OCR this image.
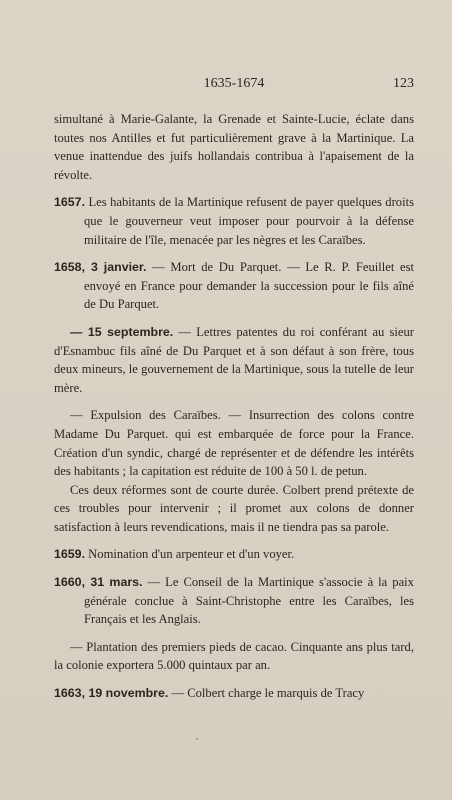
1635-1674	123

simultané à Marie-Galante, la Grenade et Sainte-Lucie, éclate dans toutes nos Antilles et fut particulièrement grave à la Martinique. La venue inattendue des juifs hollandais contribua à l'apaisement de la révolte.

1657. Les habitants de la Martinique refusent de payer quelques droits que le gouverneur veut imposer pour pourvoir à la défense militaire de l'île, menacée par les nègres et les Caraïbes.

1658, 3 janvier. — Mort de Du Parquet. — Le R. P. Feuillet est envoyé en France pour demander la succession pour le fils aîné de Du Parquet.

— 15 septembre. — Lettres patentes du roi conférant au sieur d'Esnambuc fils aîné de Du Parquet et à son défaut à son frère, tous deux mineurs, le gouvernement de la Martinique, sous la tutelle de leur mère.

— Expulsion des Caraïbes. — Insurrection des colons contre Madame Du Parquet. qui est embarquée de force pour la France. Création d'un syndic, chargé de représenter et de défendre les intérêts des habitants ; la capitation est réduite de 100 à 50 l. de petun.

Ces deux réformes sont de courte durée. Colbert prend prétexte de ces troubles pour intervenir ; il promet aux colons de donner satisfaction à leurs revendications, mais il ne tiendra pas sa parole.

1659. Nomination d'un arpenteur et d'un voyer.

1660, 31 mars. — Le Conseil de la Martinique s'associe à la paix générale conclue à Saint-Christophe entre les Caraïbes, les Français et les Anglais.

— Plantation des premiers pieds de cacao. Cinquante ans plus tard, la colonie exportera 5.000 quintaux par an.

1663, 19 novembre. — Colbert charge le marquis de Tracy
